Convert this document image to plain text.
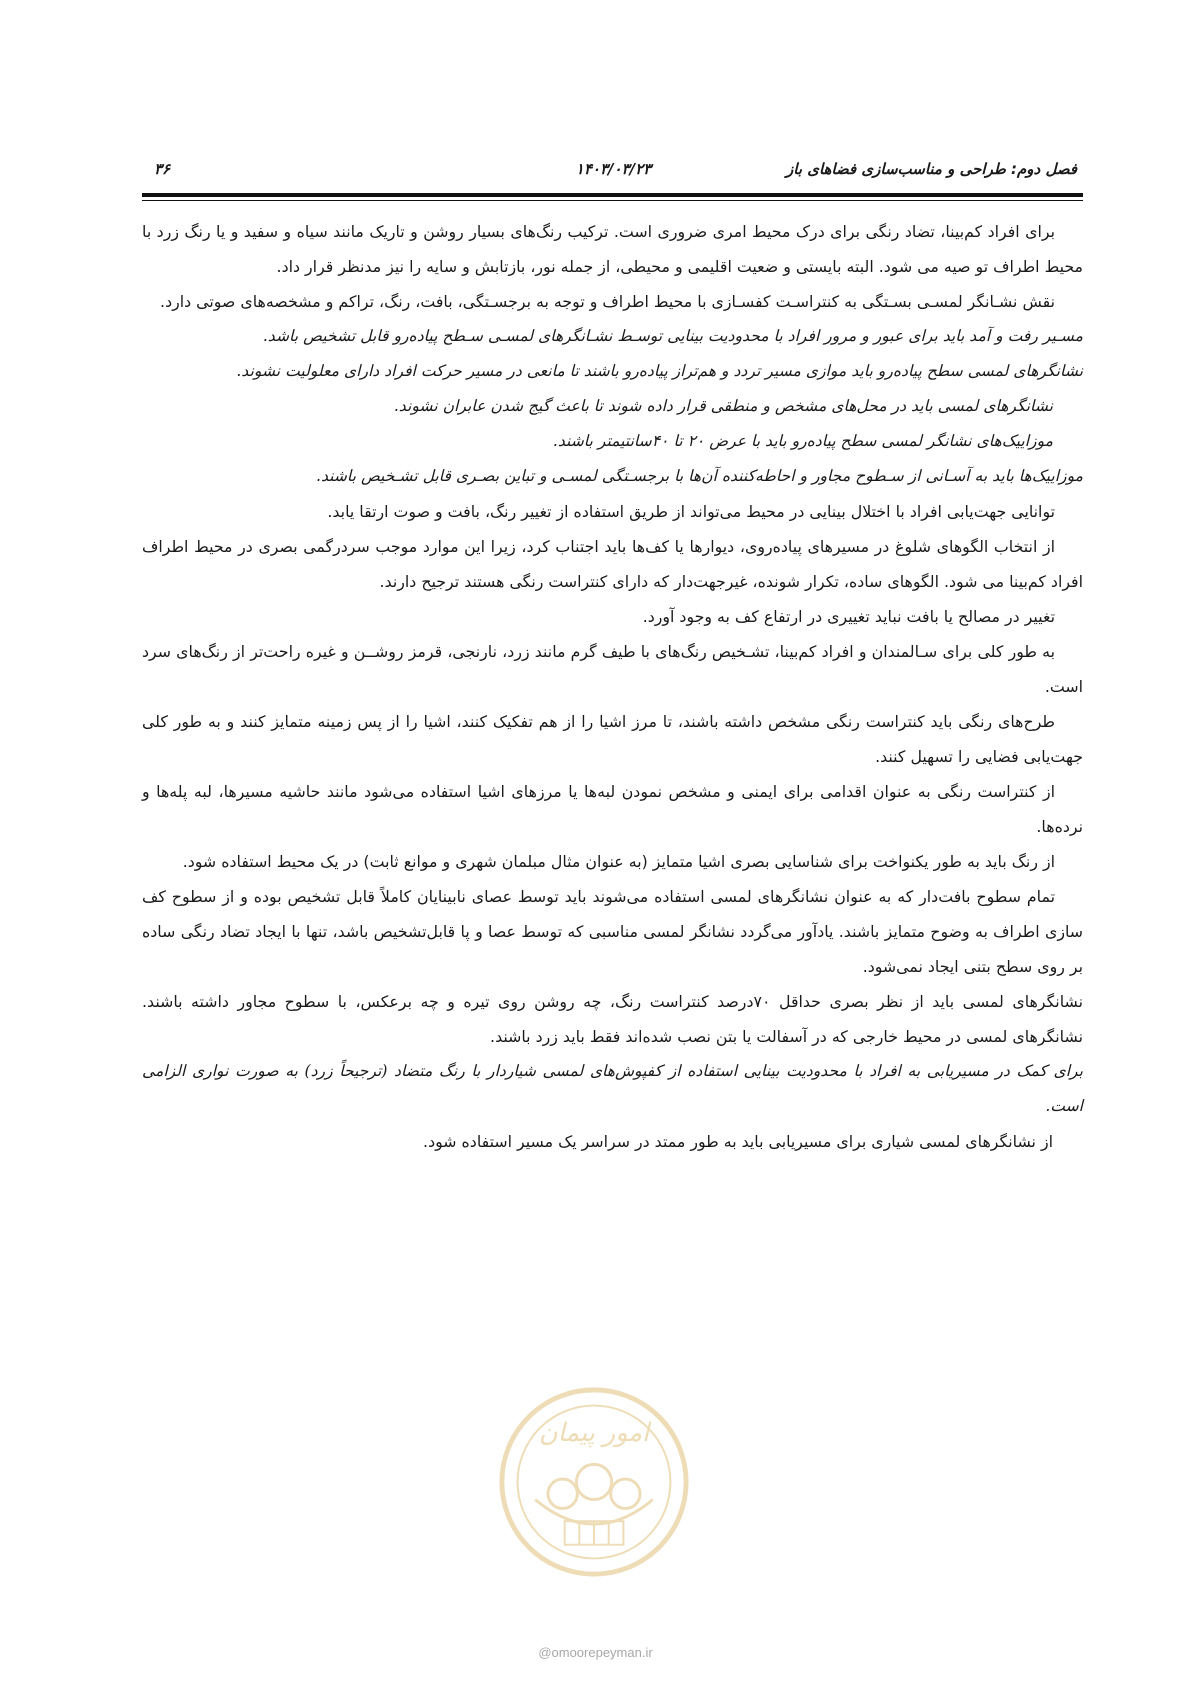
فصل دوم: طراحی و مناسب‌سازی فضاهای باز
۱۴۰۳/۰۳/۲۳
۳۶

برای افراد کم‌بینا، تضاد رنگی برای درک محیط امری ضروری است. ترکیب رنگ‌های بسیار روشن و تاریک مانند سیاه و سفید و یا رنگ زرد با محیط اطراف تو صیه می شود. البته بایستی و ضعیت اقلیمی و محیطی، از جمله نور، بازتابش و سایه را نیز مدنظر قرار داد.

نقش نشـانگر لمسـی بسـتگی به کنتراسـت کفسـازی با محیط اطراف و توجه به برجسـتگی، بافت، رنگ، تراکم و مشخصه‌های صوتی دارد.

مسـیر رفت و آمد باید برای عبور و مرور افراد با محدودیت بینایی توسـط نشـانگرهای لمسـی سـطح پیاده‌رو قابل تشخیص باشد.

نشانگرهای لمسی سطح پیاده‌رو باید موازی مسیر تردد و هم‌تراز پیاده‌رو باشند تا مانعی در مسیر حرکت افراد دارای معلولیت نشوند.

نشانگرهای لمسی باید در محل‌های مشخص و منطقی قرار داده شوند تا باعث گیج شدن عابران نشوند.

موزاییک‌های نشانگر لمسی سطح پیاده‌رو باید با عرض ۲۰ تا ۴۰سانتیمتر باشند.

موزاییک‌ها باید به آسـانی از سـطوح مجاور و احاطه‌کننده آن‌ها با برجسـتگی لمسـی و تباین بصـری قابل تشـخیص باشند.

توانایی جهت‌یابی افراد با اختلال بینایی در محیط می‌تواند از طریق استفاده از تغییر رنگ، بافت و صوت ارتقا یابد.

از انتخاب الگوهای شلوغ در مسیرهای پیاده‌روی، دیوارها یا کف‌ها باید اجتناب کرد، زیرا این موارد موجب سردرگمی بصری در محیط اطراف افراد کم‌بینا می شود. الگوهای ساده، تکرار شونده، غیرجهت‌دار که دارای کنتراست رنگی هستند ترجیح دارند.

تغییر در مصالح یا بافت نباید تغییری در ارتفاع کف به وجود آورد.

به طور کلی برای سـالمندان و افراد کم‌بینا، تشـخیص رنگ‌های با طیف گرم مانند زرد، نارنجی، قرمز روشــن و غیره راحت‌تر از رنگ‌های سرد است.

طرح‌های رنگی باید کنتراست رنگی مشخص داشته باشند، تا مرز اشیا را از هم تفکیک کنند، اشیا را از پس زمینه متمایز کنند و به طور کلی جهت‌یابی فضایی را تسهیل کنند.

از کنتراست رنگی به عنوان اقدامی برای ایمنی و مشخص نمودن لبه‌ها یا مرزهای اشیا استفاده می‌شود مانند حاشیه مسیرها، لبه پله‌ها و نرده‌ها.

از رنگ باید به طور یکنواخت برای شناسایی بصری اشیا متمایز (به عنوان مثال مبلمان شهری و موانع ثابت) در یک محیط استفاده شود.

تمام سطوح بافت‌دار که به عنوان نشانگرهای لمسی استفاده می‌شوند باید توسط عصای نابینایان کاملاً قابل تشخیص بوده و از سطوح کف سازی اطراف به وضوح متمایز باشند. یادآور می‌گردد نشانگر لمسی مناسبی که توسط عصا و پا قابل‌تشخیص باشد، تنها با ایجاد تضاد رنگی ساده بر روی سطح بتنی ایجاد نمی‌شود.

نشانگرهای لمسی باید از نظر بصری حداقل ۷۰درصد کنتراست رنگ، چه روشن روی تیره و چه برعکس، با سطوح مجاور داشته باشند. نشانگرهای لمسی در محیط خارجی که در آسفالت یا بتن نصب شده‌اند فقط باید زرد باشند.

برای کمک در مسیریابی به افراد با محدودیت بینایی استفاده از کفپوش‌های لمسی شیاردار با رنگ متضاد (ترجیحاً زرد) به صورت نواری الزامی است.

از نشانگرهای لمسی شیاری برای مسیریابی باید به طور ممتد در سراسر یک مسیر استفاده شود.

امور پیمان
@omoorepeyman.ir
